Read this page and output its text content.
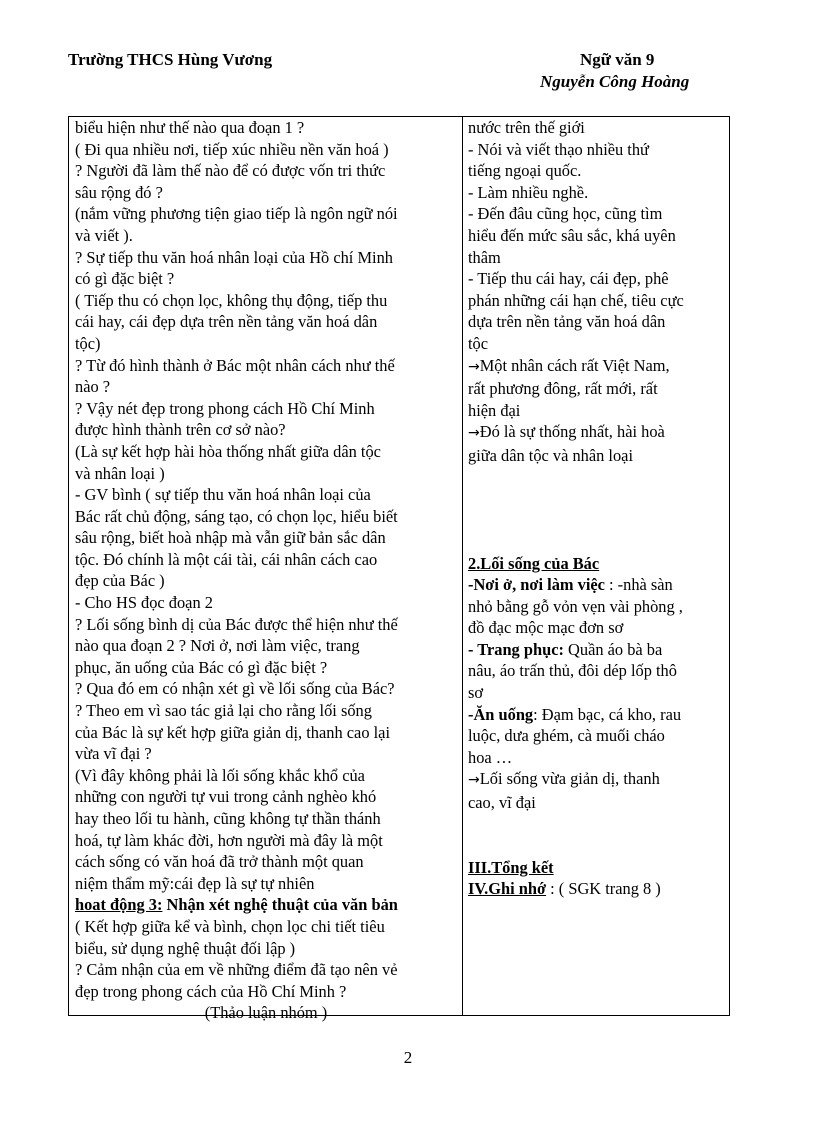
Trường THCS Hùng Vương	Ngữ văn 9
Nguyễn Công Hoàng
biểu hiện như thế nào qua đoạn 1 ?
( Đi qua nhiều nơi, tiếp xúc nhiều nền văn hoá )
? Người đã làm thế nào để có được vốn tri thức
sâu rộng đó ?
(nắm vững phương tiện giao tiếp là ngôn ngữ nói
và viết ).
? Sự tiếp thu văn hoá nhân loại của Hồ chí Minh
có gì đặc biệt ?
( Tiếp thu có chọn lọc, không thụ động, tiếp thu
cái hay, cái đẹp dựa trên nền tảng văn hoá dân
tộc)
? Từ đó hình thành ở Bác một nhân cách như thế
nào ?
? Vậy nét đẹp trong phong cách Hồ Chí Minh
được hình thành trên cơ sở nào?
(Là sự kết hợp hài hòa thống nhất giữa dân tộc
và nhân loại )
- GV bình ( sự tiếp thu văn hoá nhân loại của
Bác rất chủ động, sáng tạo, có chọn lọc, hiểu biết
sâu rộng, biết hoà nhập mà vẫn giữ bản sắc dân
tộc. Đó chính là một cái tài, cái nhân cách cao
đẹp của Bác )
- Cho HS đọc đoạn 2
? Lối sống bình dị của Bác được thể hiện như thế
nào qua đoạn 2 ? Nơi ở, nơi làm việc, trang
phục, ăn uống của Bác có gì đặc biệt ?
? Qua đó em có nhận xét gì về lối sống của Bác?
? Theo em vì sao tác giả lại cho rằng lối sống
của Bác là sự kết hợp giữa giản dị, thanh cao lại
vừa vĩ đại ?
(Vì đây không phải là lối sống khắc khổ của
những con người tự vui trong cảnh nghèo khó
hay theo lối tu hành, cũng không tự thần thánh
hoá, tự làm khác đời, hơn người mà đây là một
cách sống có văn hoá đã trở thành một quan
niệm thẩm mỹ:cái đẹp là sự tự nhiên
hoat động 3: Nhận xét nghệ thuật của văn bản
( Kết hợp giữa kể và bình, chọn lọc chi tiết tiêu
biểu, sử dụng nghệ thuật đối lập )
? Cảm nhận của em về những điểm đã tạo nên vẻ
đẹp trong phong cách của Hồ Chí Minh ?
(Thảo luận nhóm )
nước trên thế giới
- Nói và viết thạo nhiều thứ
tiếng ngoại quốc.
- Làm nhiều nghề.
- Đến đâu cũng học, cũng tìm
hiểu đến mức sâu sắc, khá uyên
thâm
- Tiếp thu cái hay, cái đẹp, phê
phán những cái hạn chế, tiêu cực
dựa trên nền tảng văn hoá dân
tộc
→Một nhân cách rất Việt Nam,
rất phương đông, rất mới, rất
hiện đại
→Đó là sự thống nhất, hài hoà
giữa dân tộc và nhân loại
2.Lối sống của Bác
-Nơi ở, nơi làm việc : -nhà sàn
nhỏ bằng gỗ vỏn vẹn vài phòng ,
đồ đạc mộc mạc đơn sơ
- Trang phục: Quần áo bà ba
nâu, áo trấn thủ, đôi dép lốp thô
sơ
-Ăn uống: Đạm bạc, cá kho, rau
luộc, dưa ghém, cà muối cháo
hoa …
→Lối sống vừa giản dị, thanh
cao, vĩ đại
III.Tổng kết
IV.Ghi nhớ : ( SGK trang 8 )
2
